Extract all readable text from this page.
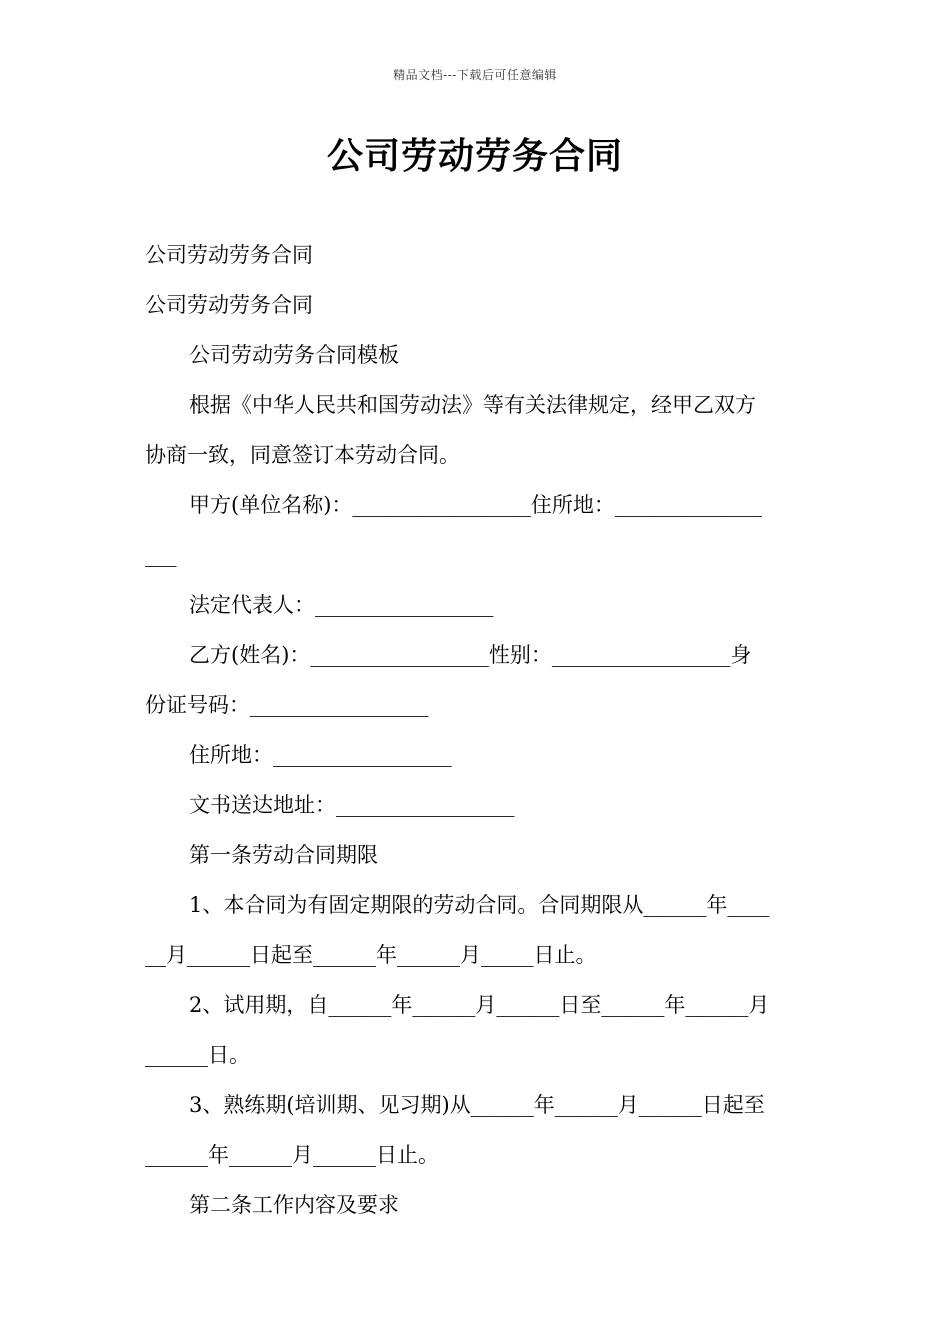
精品文档---下载后可任意编辑
公司劳动劳务合同

公司劳动劳务合同

公司劳动劳务合同

公司劳动劳务合同模板

根据《中华人民共和国劳动法》等有关法律规定，经甲乙双方

协商一致，同意签订本劳动合同。

甲方(单位名称)：_________________住所地：______________

___

法定代表人：_________________

乙方(姓名)：_________________性别：_________________身

份证号码：_________________

住所地：_________________

文书送达地址：_________________

第一条劳动合同期限

1、本合同为有固定期限的劳动合同。合同期限从______年____

__月______日起至______年______月_____日止。

2、试用期，自______年______月______日至______年______月

______日。

3、熟练期(培训期、见习期)从______年______月______日起至

______年______月______日止。

第二条工作内容及要求
